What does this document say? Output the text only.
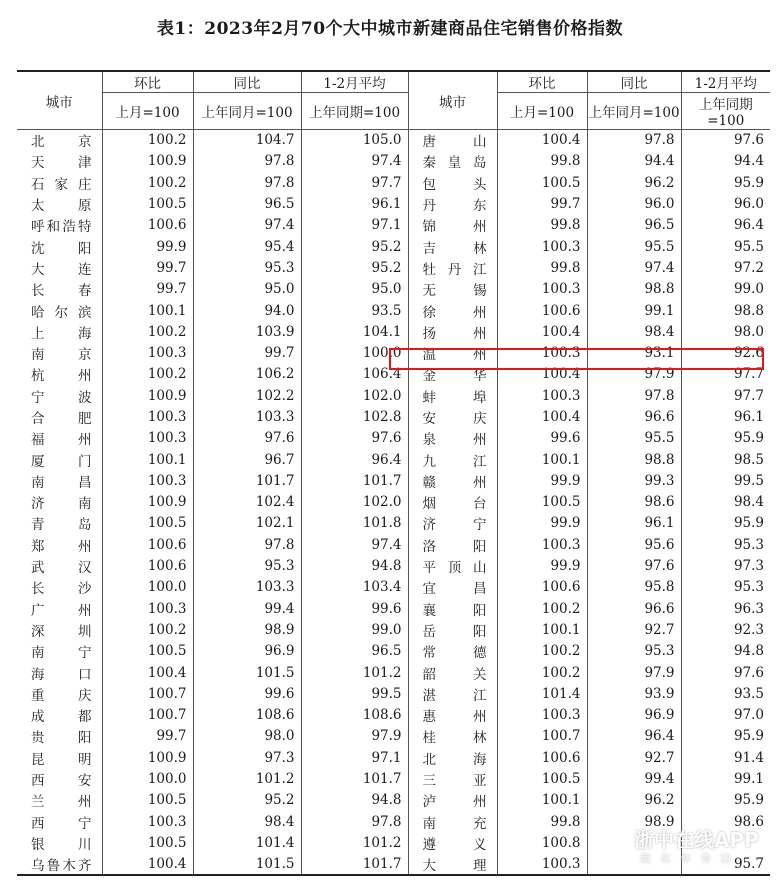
表1：2023年2月70个大中城市新建商品住宅销售价格指数
城市	环比	同比	1-2月平均	城市	环比	同比	1-2月平均
	上月=100	上年同月=100	上年同期=100		上月=100	上年同月=100	上年同期=100
北京	100.2	104.7	105.0	唐山	100.4	97.8	97.6
天津	100.9	97.8	97.4	秦皇岛	99.8	94.4	94.4
石家庄	100.2	97.8	97.7	包头	100.5	96.2	95.9
太原	100.5	96.5	96.1	丹东	99.7	96.0	96.0
呼和浩特	100.6	97.4	97.1	锦州	99.8	96.5	96.4
沈阳	99.9	95.4	95.2	吉林	100.3	95.5	95.5
大连	99.7	95.3	95.2	牡丹江	99.8	97.4	97.2
长春	99.7	95.0	95.0	无锡	100.3	98.8	99.0
哈尔滨	100.1	94.0	93.5	徐州	100.6	99.1	98.8
上海	100.2	103.9	104.1	扬州	100.4	98.4	98.0
南京	100.3	99.7	100.0	温州	100.3	93.1	92.6
杭州	100.2	106.2	106.4	金华	100.4	97.9	97.7
宁波	100.9	102.2	102.0	蚌埠	100.3	97.8	97.7
合肥	100.3	103.3	102.8	安庆	100.4	96.6	96.1
福州	100.3	97.6	97.6	泉州	99.6	95.5	95.9
厦门	100.1	96.7	96.4	九江	100.1	98.8	98.5
南昌	100.3	101.7	101.7	赣州	99.9	99.3	99.5
济南	100.9	102.4	102.0	烟台	100.5	98.6	98.4
青岛	100.5	102.1	101.8	济宁	99.9	96.1	95.9
郑州	100.6	97.8	97.4	洛阳	100.3	95.6	95.3
武汉	100.6	95.3	94.8	平顶山	99.9	97.6	97.3
长沙	100.0	103.3	103.4	宜昌	100.6	95.8	95.3
广州	100.3	99.4	99.6	襄阳	100.2	96.6	96.3
深圳	100.2	98.9	99.0	岳阳	100.1	92.7	92.3
南宁	100.5	96.9	96.5	常德	100.2	95.3	94.8
海口	100.4	101.5	101.2	韶关	100.2	97.9	97.6
重庆	100.7	99.6	99.5	湛江	101.4	93.9	93.5
成都	100.7	108.6	108.6	惠州	100.3	96.9	97.0
贵阳	99.7	98.0	97.9	桂林	100.7	96.4	95.9
昆明	100.9	97.3	97.1	北海	100.6	92.7	91.4
西安	100.0	101.2	101.7	三亚	100.5	99.4	99.1
兰州	100.5	95.2	94.8	泸州	100.1	96.2	95.9
西宁	100.3	98.4	97.8	南充	99.8	98.9	98.6
银川	100.5	101.4	101.2	遵义	100.8		
乌鲁木齐	100.4	101.5	101.7	大理	100.3		95.7
LOOK 浙中在线APP
就在你身边
